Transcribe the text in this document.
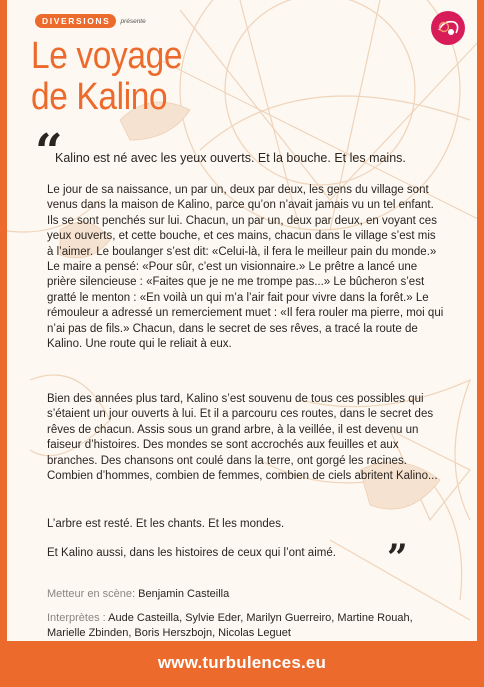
DIVERSIONS	présente
Le voyage
de Kalino
“

Kalino est né avec les yeux ouverts. Et la bouche. Et les mains.

Le jour de sa naissance, un par un, deux par deux, les gens du village sont venus dans la maison de Kalino, parce qu’on n’avait jamais vu un tel enfant. Ils se sont penchés sur lui. Chacun, un par un, deux par deux, en voyant ces yeux ouverts, et cette bouche, et ces mains, chacun dans le village s’est mis à l’aimer. Le boulanger s’est dit: «Celui-là, il fera le meilleur pain du monde.» Le maire a pensé: «Pour sûr, c’est un visionnaire.» Le prêtre a lancé une prière silencieuse : «Faites que je ne me trompe pas...» Le bûcheron s’est gratté le menton : «En voilà un qui m’a l’air fait pour vivre dans la forêt.» Le rémouleur a adressé un remerciement muet : «Il fera rouler ma pierre, moi qui n’ai pas de fils.» Chacun, dans le secret de ses rêves, a tracé la route de Kalino. Une route qui le reliait à eux.

Bien des années plus tard, Kalino s’est souvenu de tous ces possibles qui s’étaient un jour ouverts à lui. Et il a parcouru ces routes, dans le secret des rêves de chacun. Assis sous un grand arbre, à la veillée, il est devenu un faiseur d’histoires. Des mondes se sont accrochés aux feuilles et aux branches. Des chansons ont coulé dans la terre, ont gorgé les racines. Combien d’hommes, combien de femmes, combien de ciels abritent Kalino...

L’arbre est resté. Et les chants. Et les mondes.

Et Kalino aussi, dans les histoires de ceux qui l’ont aimé.	”
Metteur en scène: Benjamin Casteilla
Interprètes : Aude Casteilla, Sylvie Eder, Marilyn Guerreiro, Martine Rouah, Marielle Zbinden, Boris Herszbojn, Nicolas Leguet
www.turbulences.eu
